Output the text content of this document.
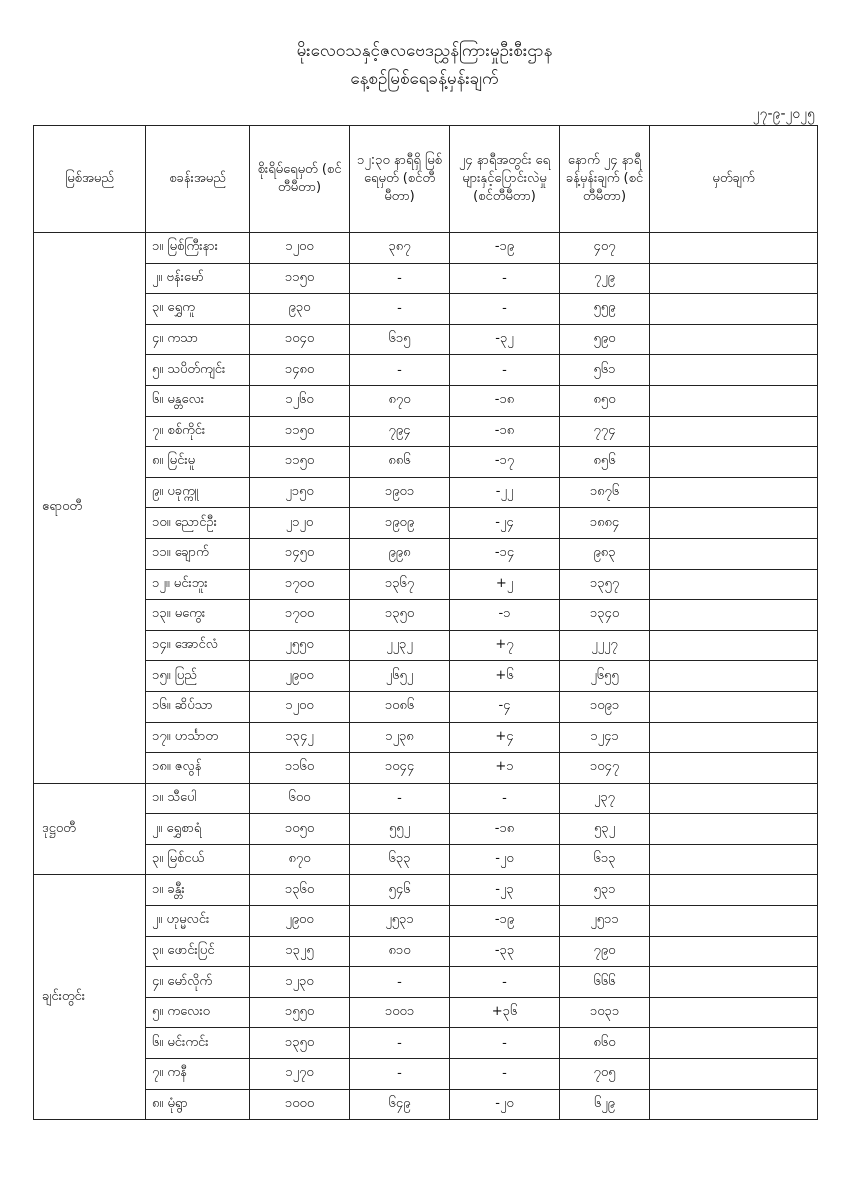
မိုးလေဝသနှင့်ဇလဗေဒညွှန်ကြားမှုဦးစီးဌာန
နေ့စဉ်မြစ်ရေခန့်မှန်းချက်
၂၇-၉-၂၀၂၅
မြစ်အမည်	စခန်းအမည်	စိုးရိမ်ရေမှတ် (စင်တီမီတာ)	၁၂:၃၀ နာရီရှိ မြစ်ရေမှတ် (စင်တီမီတာ)	၂၄ နာရီအတွင်း ရေများနှင့်ပြောင်းလဲမှု (စင်တီမီတာ)	နောက် ၂၄ နာရီ ခန့်မှန်းချက် (စင်တီမီတာ)	မှတ်ချက်
ဧရာဝတီ	၁။ မြစ်ကြီးနား	၁၂၀၀	၃၈၇	-၁၉	၄၀၇	
	၂။ ဗန်းမော်	၁၁၅၀	-	-	၇၂၉	
	၃။ ရွှေကူ	၉၃၀	-	-	၅၅၉	
	၄။ ကသာ	၁၀၄၀	၆၁၅	-၃၂	၅၉၀	
	၅။ သပိတ်ကျင်း	၁၄၈၀	-	-	၅၆၁	
	၆။ မန္တလေး	၁၂၆၀	၈၇၀	-၁၈	၈၅၀	
	၇။ စစ်ကိုင်း	၁၁၅၀	၇၉၄	-၁၈	၇၇၄	
	၈။ မြင်းမူ	၁၁၅၀	၈၈၆	-၁၇	၈၅၆	
	၉။ ပခုက္ကူ	၂၁၅၀	၁၉၀၁	-၂၂	၁၈၇၆	
	၁၀။ ညောင်ဦး	၂၁၂၀	၁၉၀၉	-၂၄	၁၈၈၄	
	၁၁။ ချောက်	၁၄၅၀	၉၉၈	-၁၄	၉၈၃	
	၁၂။ မင်းဘူး	၁၇၀၀	၁၃၆၇	+၂	၁၃၅၇	
	၁၃။ မကွေး	၁၇၀၀	၁၃၅၀	-၁	၁၃၄၀	
	၁၄။ အောင်လံ	၂၅၅၀	၂၂၃၂	+၇	၂၂၂၇	
	၁၅။ ပြည်	၂၉၀၀	၂၆၅၂	+၆	၂၆၅၅	
	၁၆။ ဆိပ်သာ	၁၂၀၀	၁၀၈၆	-၄	၁၀၉၁	
	၁၇။ ဟင်္သာတ	၁၃၄၂	၁၂၃၈	+၄	၁၂၄၁	
	၁၈။ ဇလွန်	၁၁၆၀	၁၀၄၄	+၁	၁၀၄၇	
ဒုဋ္ဌဝတီ	၁။ သီပေါ	၆၀၀	-	-	၂၃၇	
	၂။ ရွှေစာရံ	၁၀၅၀	၅၅၂	-၁၈	၅၃၂	
	၃။ မြစ်ငယ်	၈၇၀	၆၃၃	-၂၀	၆၁၃	
ချင်းတွင်း	၁။ ခန္တီး	၁၃၆၀	၅၄၆	-၂၃	၅၃၁	
	၂။ ဟုမ္မလင်း	၂၉၀၀	၂၅၃၁	-၁၉	၂၅၁၁	
	၃။ ဖောင်းပြင်	၁၃၂၅	၈၁၀	-၃၃	၇၉၀	
	၄။ မော်လိုက်	၁၂၃၀	-	-	၆၆၆	
	၅။ ကလေးဝ	၁၅၅၀	၁၀၀၁	+၃၆	၁၀၃၁	
	၆။ မင်းကင်း	၁၃၅၀	-	-	၈၆၀	
	၇။ ကနီ	၁၂၇၀	-	-	၇၀၅	
	၈။ မုံရွာ	၁၀၀၀	၆၄၉	-၂၀	၆၂၉	
